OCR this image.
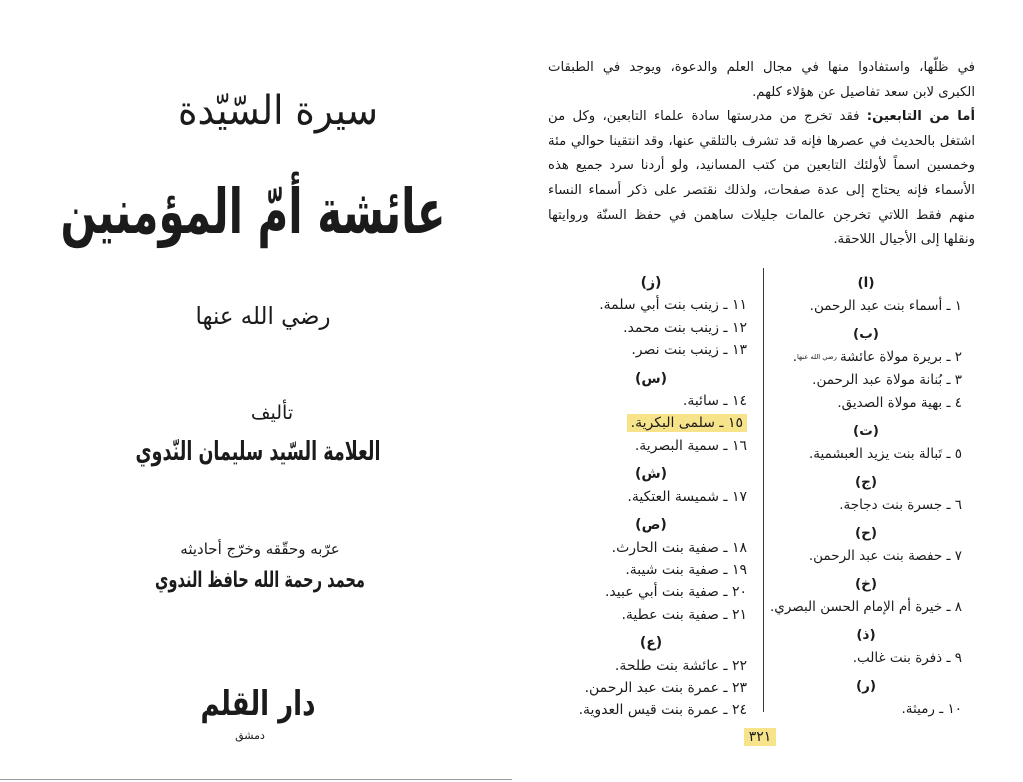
سيرة السّيّدة
عائشة أمّ المؤمنين
رضي الله عنها
تأليف
العلامة السّيد سليمان النّدوي
عرّبه وحقّقه وخرّج أحاديثه
محمد رحمة الله حافظ الندوي
دار القلم
دمشق
في ظلّها، واستفادوا منها في مجال العلم والدعوة، ويوجد في الطبقات
الكبرى لابن سعد تفاصيل عن هؤلاء كلهم.
أما من التابعين: فقد تخرج من مدرستها سادة علماء التابعين، وكل من
اشتغل بالحديث في عصرها فإنه قد تشرف بالتلقي عنها، وقد انتقينا حوالي مئة
وخمسين اسماً لأولئك التابعين من كتب المسانيد، ولو أردنا سرد جميع هذه
الأسماء فإنه يحتاج إلى عدة صفحات، ولذلك نقتصر على ذكر أسماء النساء
منهم فقط اللاتي تخرجن عالمات جليلات ساهمن في حفظ السنّة وروايتها
ونقلها إلى الأجيال اللاحقة.
(ا)
١ ـ أسماء بنت عبد الرحمن.
(ب)
٢ ـ بريرة مولاة عائشةرضي الله عنها.
٣ ـ بُنانة مولاة عبد الرحمن.
٤ ـ بهية مولاة الصديق.
(ت)
٥ ـ تَبالة بنت يزيد العبشمية.
(ج)
٦ ـ جسرة بنت دجاجة.
(ح)
٧ ـ حفصة بنت عبد الرحمن.
(خ)
٨ ـ خيرة أم الإمام الحسن البصري.
(ذ)
٩ ـ ذفرة بنت غالب.
(ر)
١٠ ـ رميثة.
(ز)
١١ ـ زينب بنت أبي سلمة.
١٢ ـ زينب بنت محمد.
١٣ ـ زينب بنت نصر.
(س)
١٤ ـ سائبة.
١٥ ـ سلمى البكرية.
١٦ ـ سمية البصرية.
(ش)
١٧ ـ شميسة العتكية.
(ص)
١٨ ـ صفية بنت الحارث.
١٩ ـ صفية بنت شيبة.
٢٠ ـ صفية بنت أبي عبيد.
٢١ ـ صفية بنت عطية.
(ع)
٢٢ ـ عائشة بنت طلحة.
٢٣ ـ عمرة بنت عبد الرحمن.
٢٤ ـ عمرة بنت قيس العدوية.
٣٢١
